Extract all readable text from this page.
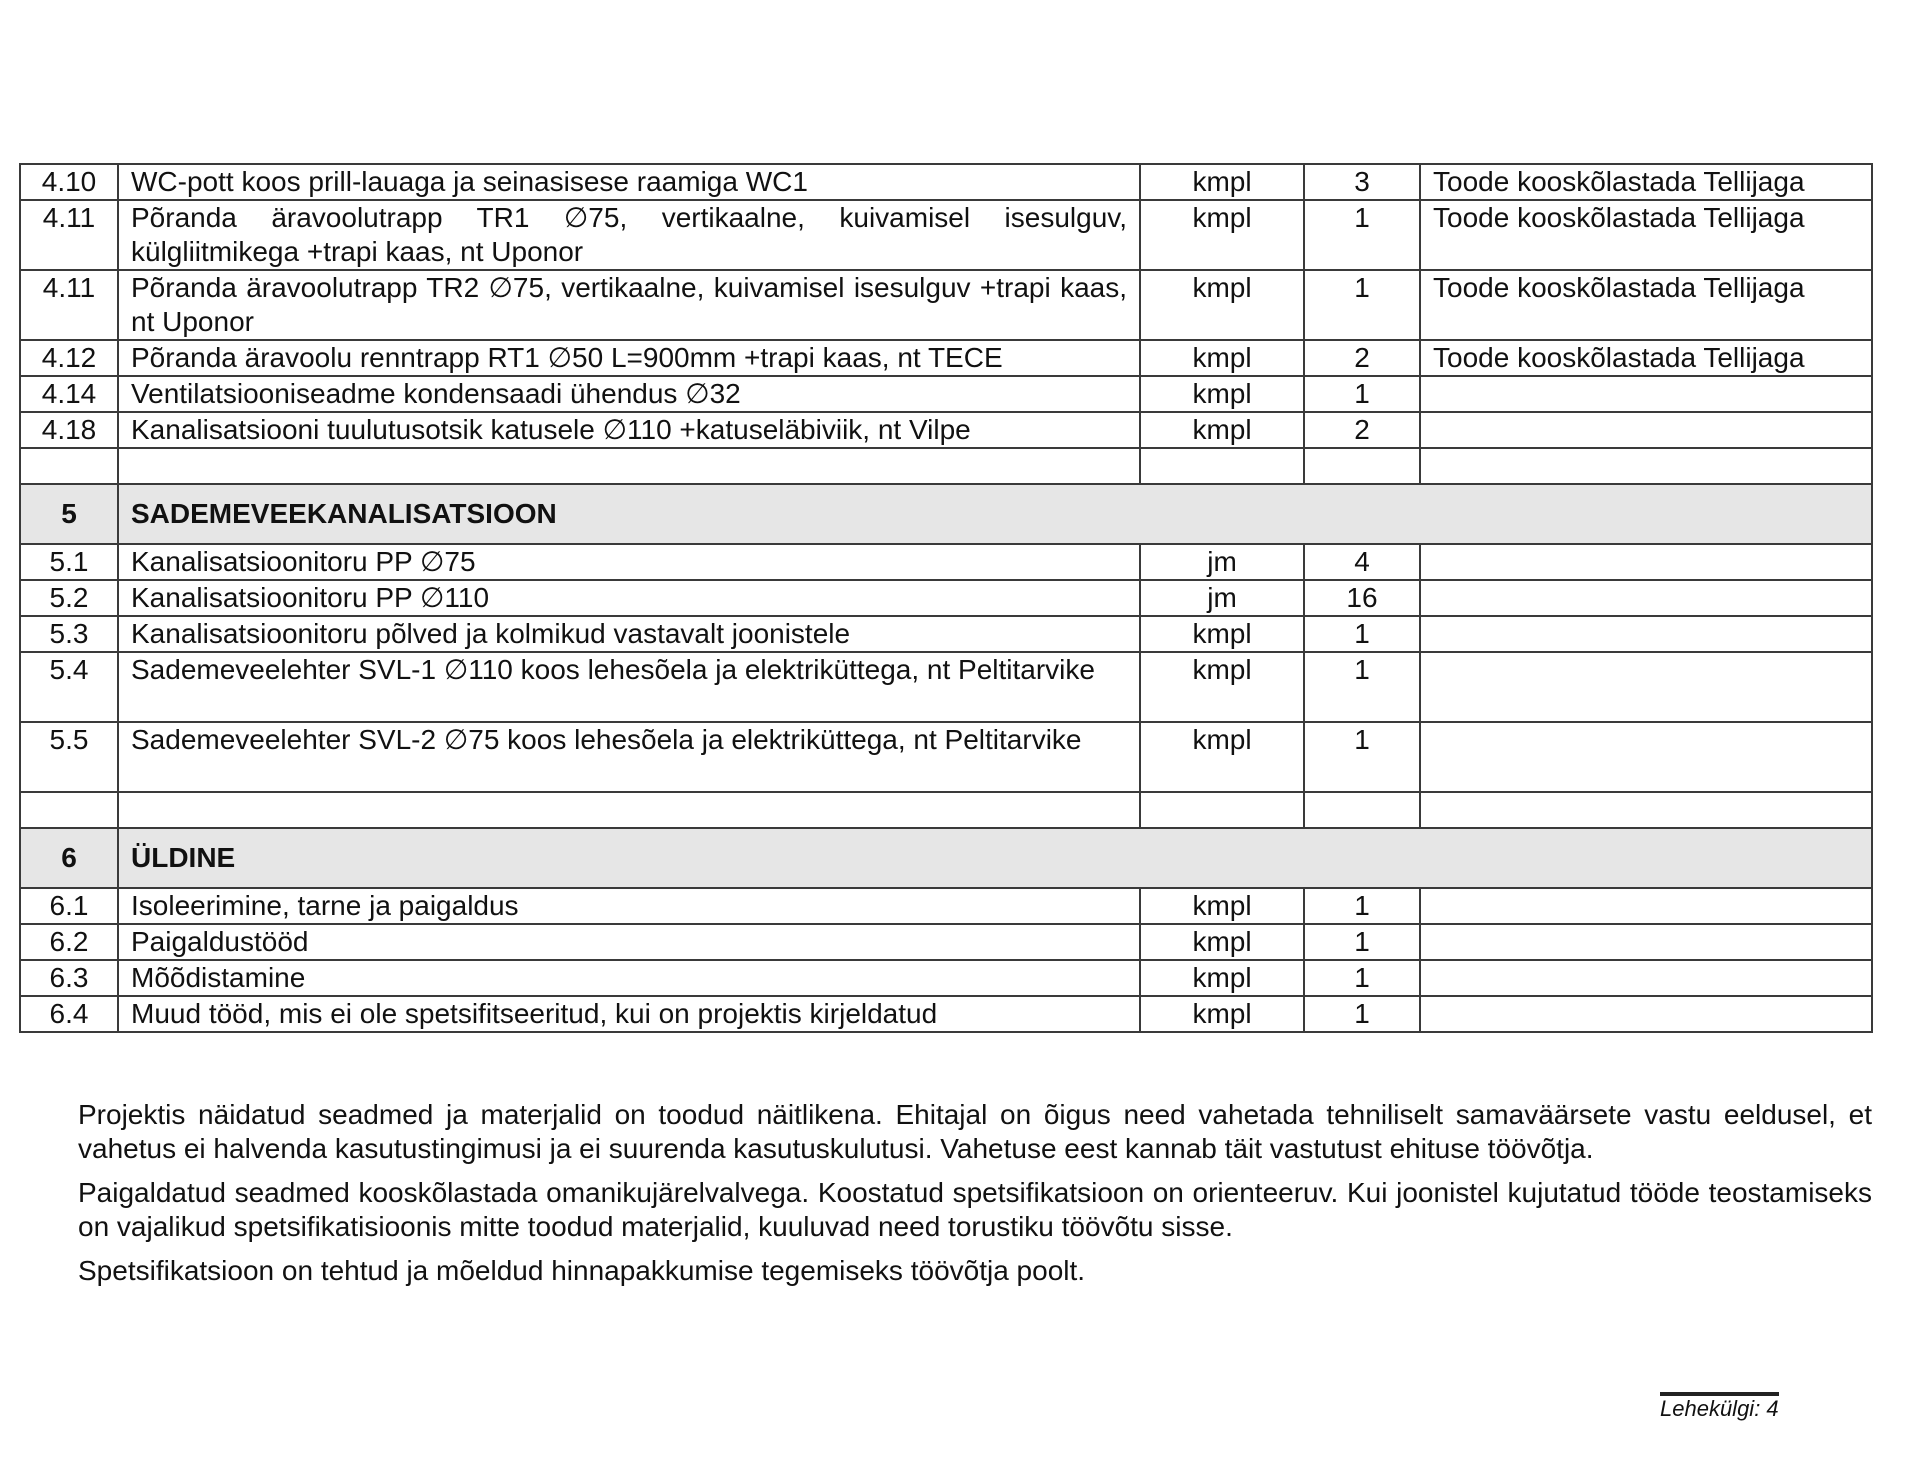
4.10	WC-pott koos prill-lauaga ja seinasisese raamiga WC1	kmpl	3	Toode kooskõlastada Tellijaga
4.11	Põranda äravoolutrapp TR1 ∅75, vertikaalne, kuivamisel isesulguv, külgliitmikega +trapi kaas, nt Uponor	kmpl	1	Toode kooskõlastada Tellijaga
4.11	Põranda äravoolutrapp TR2 ∅75, vertikaalne, kuivamisel isesulguv +trapi kaas, nt Uponor	kmpl	1	Toode kooskõlastada Tellijaga
4.12	Põranda äravoolu renntrapp RT1 ∅50 L=900mm +trapi kaas, nt TECE	kmpl	2	Toode kooskõlastada Tellijaga
4.14	Ventilatsiooniseadme kondensaadi ühendus ∅32	kmpl	1	
4.18	Kanalisatsiooni tuulutusotsik katusele ∅110 +katuseläbiviik, nt Vilpe	kmpl	2	

5	SADEMEVEEKANALISATSIOON			
5.1	Kanalisatsioonitoru PP ∅75	jm	4	
5.2	Kanalisatsioonitoru PP ∅110	jm	16	
5.3	Kanalisatsioonitoru põlved ja kolmikud vastavalt joonistele	kmpl	1	
5.4	Sademeveelehter SVL-1 ∅110 koos lehesõela ja elektriküttega, nt Peltitarvike	kmpl	1	
5.5	Sademeveelehter SVL-2 ∅75 koos lehesõela ja elektriküttega, nt Peltitarvike	kmpl	1	

6	ÜLDINE			
6.1	Isoleerimine, tarne ja paigaldus	kmpl	1	
6.2	Paigaldustööd	kmpl	1	
6.3	Mõõdistamine	kmpl	1	
6.4	Muud tööd, mis ei ole spetsifitseeritud, kui on projektis kirjeldatud	kmpl	1	

Projektis näidatud seadmed ja materjalid on toodud näitlikena. Ehitajal on õigus need vahetada tehniliselt samaväärsete vastu eeldusel, et vahetus ei halvenda kasutustingimusi ja ei suurenda kasutuskulutusi. Vahetuse eest kannab täit vastutust ehituse töövõtja.

Paigaldatud seadmed kooskõlastada omanikujärelvalvega. Koostatud spetsifikatsioon on orienteeruv. Kui joonistel kujutatud tööde teostamiseks on vajalikud spetsifikatisioonis mitte toodud materjalid, kuuluvad need torustiku töövõtu sisse.

Spetsifikatsioon on tehtud ja mõeldud hinnapakkumise tegemiseks töövõtja poolt.

Lehekülgi: 4
